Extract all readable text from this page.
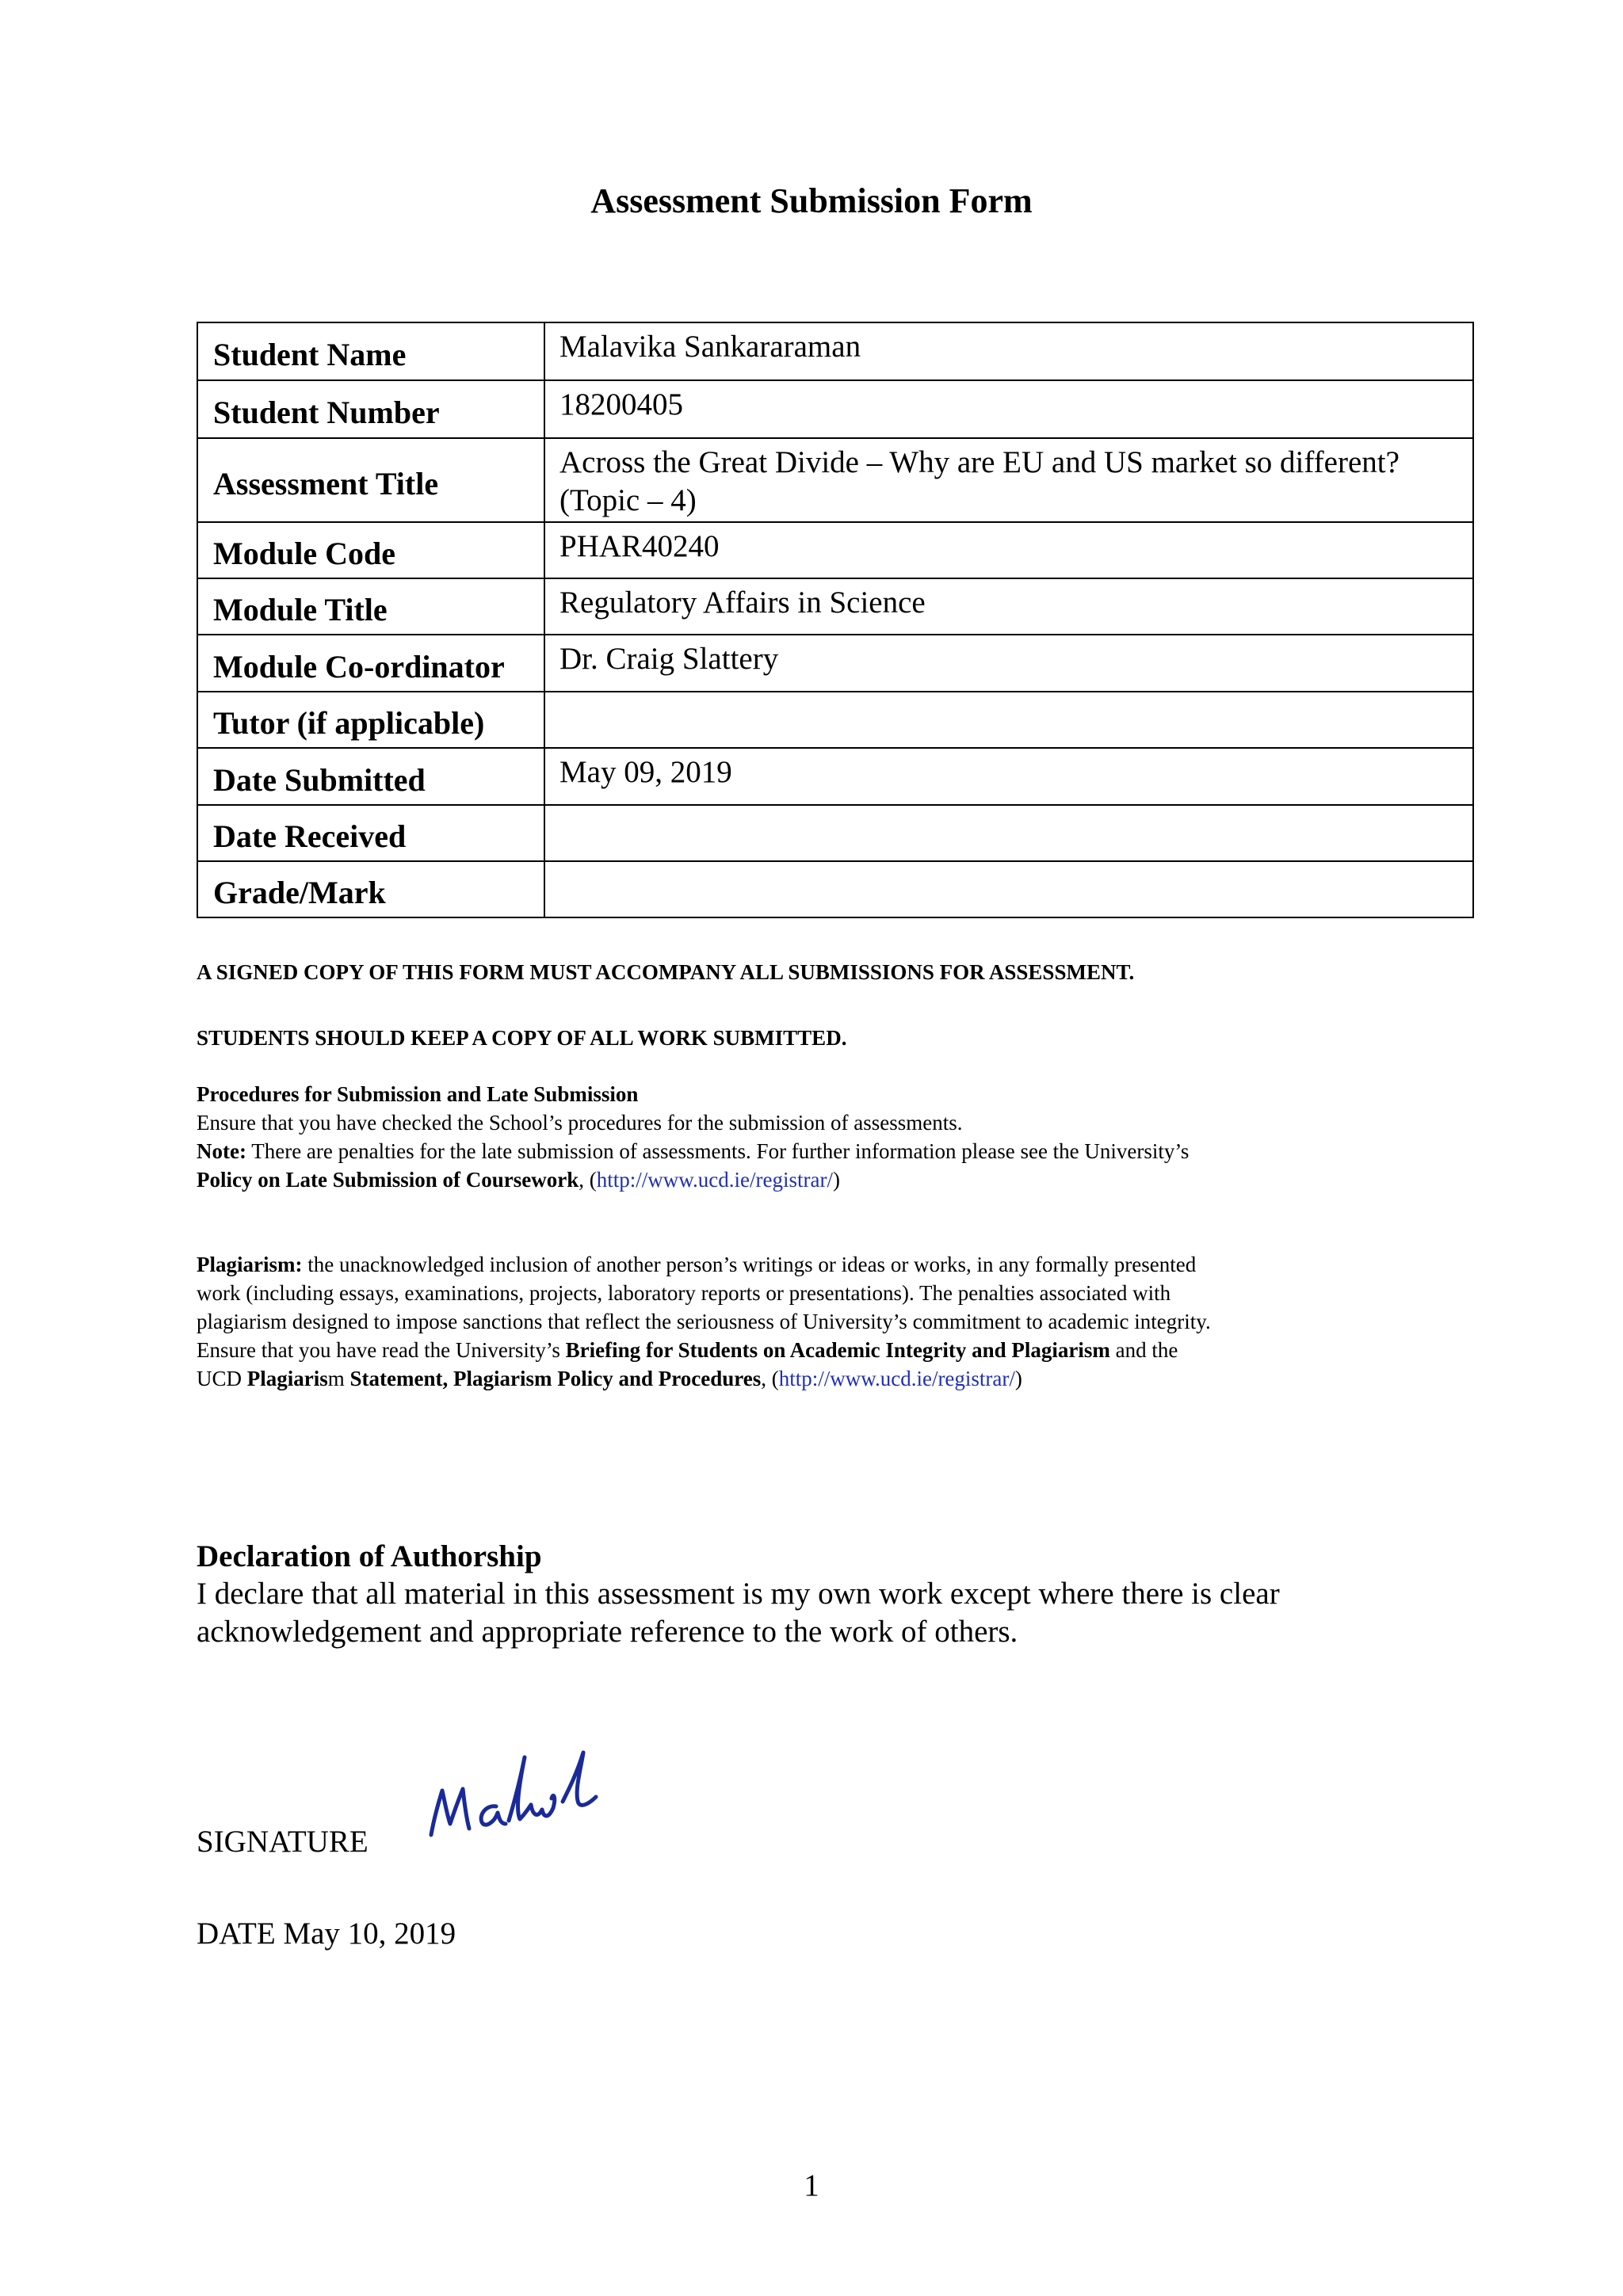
Assessment Submission Form
Student Name	Malavika Sankararaman

Student Number	18200405

Assessment Title	Across the Great Divide – Why are EU and US market so different? (Topic – 4)

Module Code	PHAR40240

Module Title	Regulatory Affairs in Science

Module Co-ordinator	Dr. Craig Slattery

Tutor (if applicable)	

Date Submitted	May 09, 2019

Date Received	

Grade/Mark	

A SIGNED COPY OF THIS FORM MUST ACCOMPANY ALL SUBMISSIONS FOR ASSESSMENT.

STUDENTS SHOULD KEEP A COPY OF ALL WORK SUBMITTED.

Procedures for Submission and Late Submission
Ensure that you have checked the School’s procedures for the submission of assessments.
Note: There are penalties for the late submission of assessments. For further information please see the University’s Policy on Late Submission of Coursework, (http://www.ucd.ie/registrar/)
Plagiarism: the unacknowledged inclusion of another person’s writings or ideas or works, in any formally presented work (including essays, examinations, projects, laboratory reports or presentations). The penalties associated with plagiarism designed to impose sanctions that reflect the seriousness of University’s commitment to academic integrity. Ensure that you have read the University’s Briefing for Students on Academic Integrity and Plagiarism and the UCD Plagiarism Statement, Plagiarism Policy and Procedures, (http://www.ucd.ie/registrar/)
Declaration of Authorship

I declare that all material in this assessment is my own work except where there is clear acknowledgement and appropriate reference to the work of others.

SIGNATURE

DATE May 10, 2019

1
